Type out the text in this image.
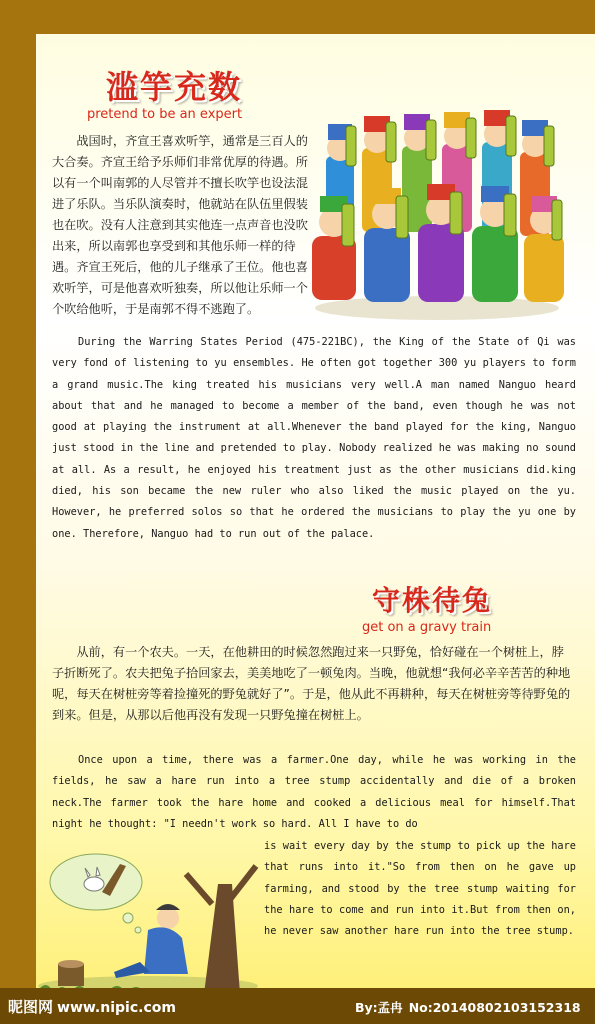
滥竽充数
pretend to be an expert

　　战国时，齐宣王喜欢听竽，通常是三百人的大合奏。齐宣王给予乐师们非常优厚的待遇。所以有一个叫南郭的人尽管并不擅长吹竽也设法混进了乐队。当乐队演奏时，他就站在队伍里假装也在吹。没有人注意到其实他连一点声音也没吹出来，所以南郭也享受到和其他乐师一样的待遇。齐宣王死后，他的儿子继承了王位。他也喜欢听竽，可是他喜欢听独奏，所以他让乐师一个个吹给他听，于是南郭不得不逃跑了。

During the Warring States Period (475-221BC), the King of the State of Qi was very fond of listening to yu ensembles. He often got together 300 yu players to form a grand music.The king treated his musicians very well.A man named Nanguo heard about that and he managed to become a member of the band, even though he was not good at playing the instrument at all.Whenever the band played for the king, Nanguo just stood in the line and pretended to play. Nobody realized he was making no sound at all. As a result, he enjoyed his treatment just as the other musicians did.king died, his son became the new ruler who also liked the music played on the yu. However, he preferred solos so that he ordered the musicians to play the yu one by one. Therefore, Nanguo had to run out of the palace.

守株待兔
get on a gravy train

　　从前，有一个农夫。一天，在他耕田的时候忽然跑过来一只野兔，恰好碰在一个树桩上，脖子折断死了。农夫把兔子拾回家去，美美地吃了一顿兔肉。当晚，他就想“我何必辛辛苦苦的种地呢，每天在树桩旁等着捡撞死的野兔就好了”。于是，他从此不再耕种，每天在树桩旁等待野兔的到来。但是，从那以后他再没有发现一只野兔撞在树桩上。

Once upon a time, there was a farmer.One day, while he was working in the fields, he saw a hare run into a tree stump accidentally and die of a broken neck.The farmer took the hare home and cooked a delicious meal for himself.That night he thought: "I needn't work so hard. All I have to do

is wait every day by the stump to pick up the hare that runs into it."So from then on he gave up farming, and stood by the tree stump waiting for the hare to come and run into it.But from then on, he never saw another hare run into the tree stump.

昵图网 www.nipic.com	By:孟冉 No:20140802103152318
